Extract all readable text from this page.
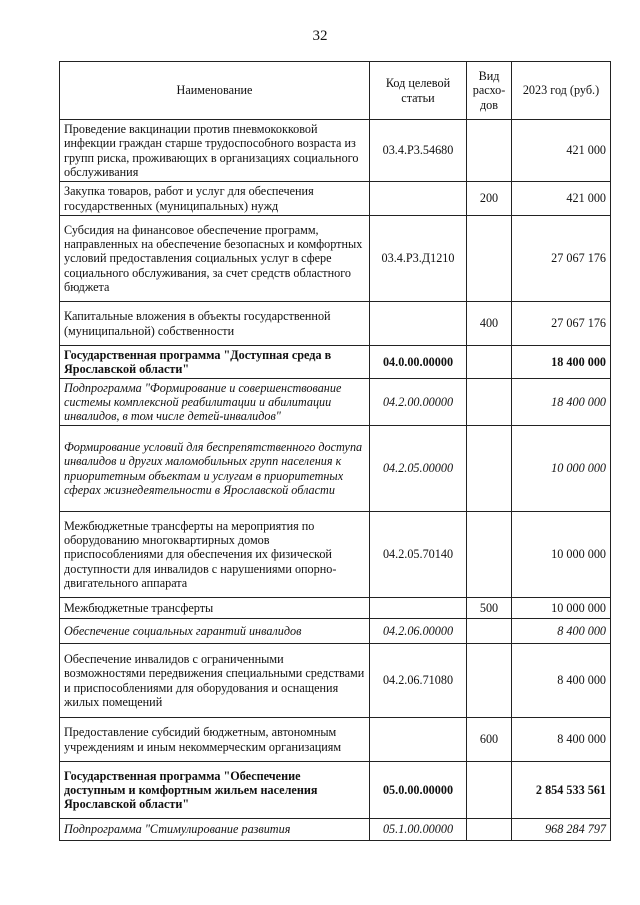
32
Наименование	Код целевой статьи	Вид расхо-дов	2023 год (руб.)
Проведение вакцинации против пневмококковой инфекции граждан старше трудоспособного возраста из групп риска, проживающих в организациях социального обслуживания	03.4.Р3.54680		421 000
Закупка товаров, работ и услуг для обеспечения государственных (муниципальных) нужд		200	421 000
Субсидия на финансовое обеспечение программ, направленных на обеспечение безопасных и комфортных условий предоставления социальных услуг в сфере социального обслуживания, за счет средств областного бюджета	03.4.Р3.Д1210		27 067 176
Капитальные вложения в объекты государственной (муниципальной) собственности		400	27 067 176
Государственная программа "Доступная среда в Ярославской области"	04.0.00.00000		18 400 000
Подпрограмма "Формирование и совершенствование системы комплексной реабилитации и абилитации инвалидов, в том числе детей-инвалидов"	04.2.00.00000		18 400 000
Формирование условий для беспрепятственного доступа инвалидов и других маломобильных групп населения к приоритетным объектам и услугам в приоритетных сферах жизнедеятельности в Ярославской области	04.2.05.00000		10 000 000
Межбюджетные трансферты на мероприятия по оборудованию многоквартирных домов приспособлениями для обеспечения их физической доступности для инвалидов с нарушениями опорно-двигательного аппарата	04.2.05.70140		10 000 000
Межбюджетные трансферты		500	10 000 000
Обеспечение социальных гарантий инвалидов	04.2.06.00000		8 400 000
Обеспечение инвалидов с ограниченными возможностями передвижения специальными средствами и приспособлениями для оборудования и оснащения жилых помещений	04.2.06.71080		8 400 000
Предоставление субсидий бюджетным, автономным учреждениям и иным некоммерческим организациям		600	8 400 000
Государственная программа "Обеспечение доступным и комфортным жильем населения Ярославской области"	05.0.00.00000		2 854 533 561
Подпрограмма "Стимулирование развития	05.1.00.00000		968 284 797
